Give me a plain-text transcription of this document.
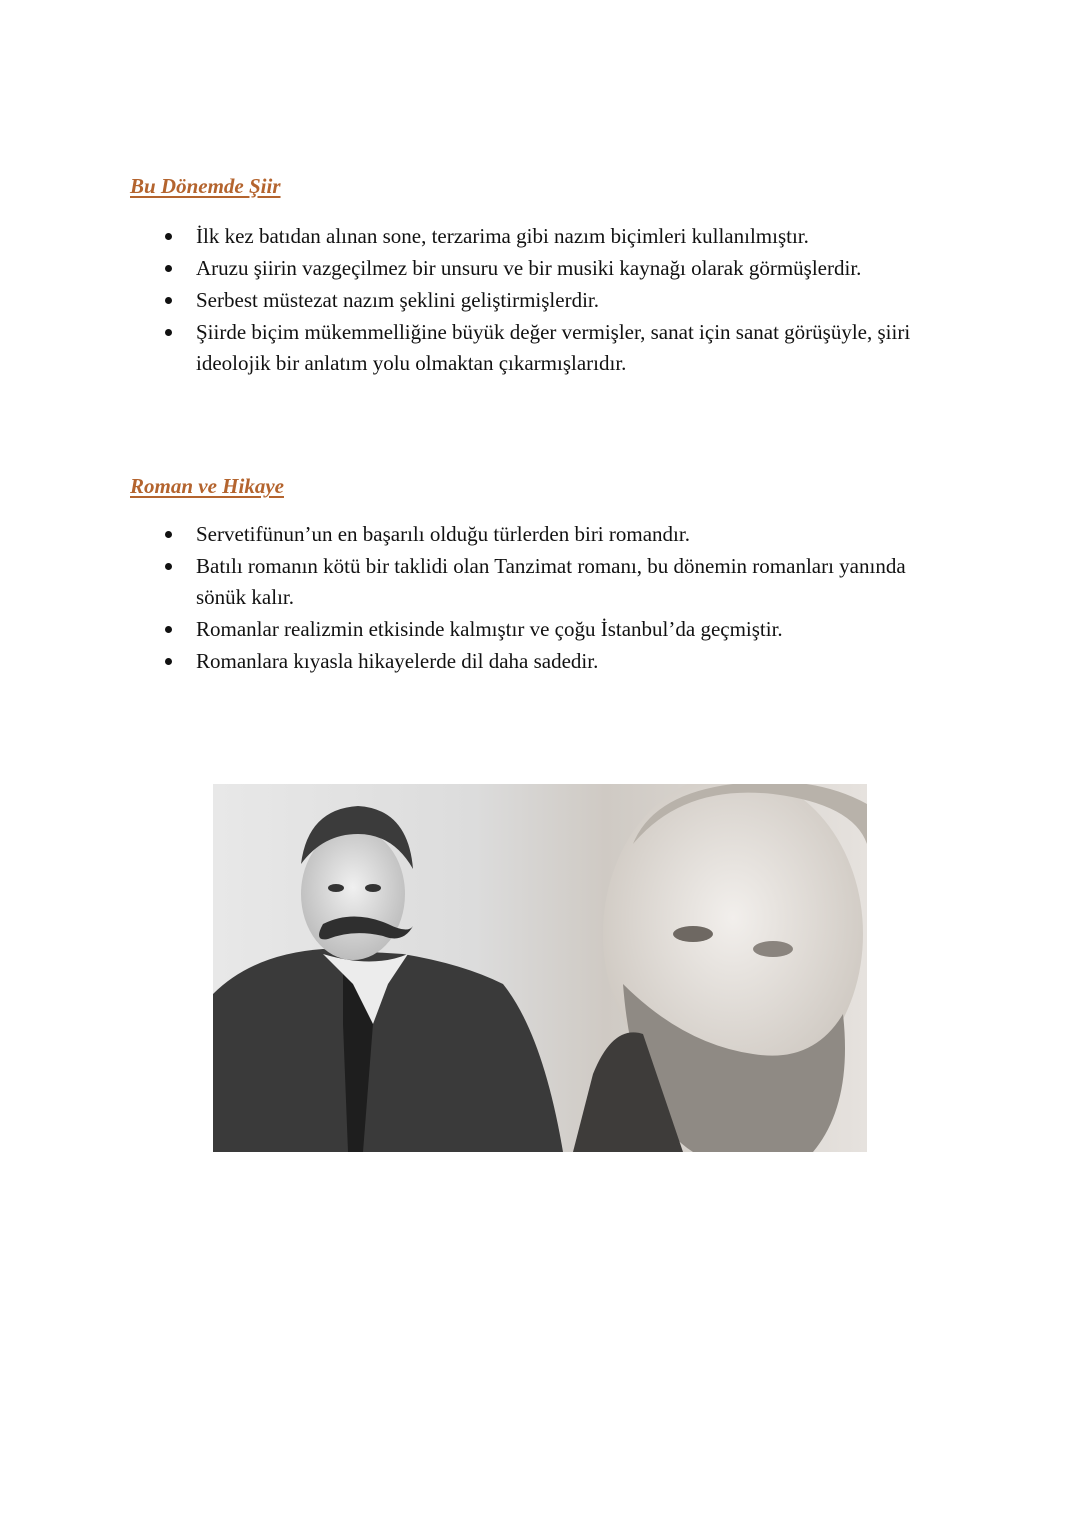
Bu Dönemde Şiir
İlk kez batıdan alınan sone, terzarima gibi nazım biçimleri kullanılmıştır.
Aruzu şiirin vazgeçilmez bir unsuru ve bir musiki kaynağı olarak görmüşlerdir.
Serbest müstezat nazım şeklini geliştirmişlerdir.
Şiirde biçim mükemmelliğine büyük değer vermişler, sanat için sanat görüşüyle, şiiri ideolojik bir anlatım yolu olmaktan çıkarmışlarıdır.
Roman ve Hikaye
Servetifünun’un en başarılı olduğu türlerden biri romandır.
Batılı romanın kötü bir taklidi olan Tanzimat romanı, bu dönemin romanları yanında sönük kalır.
Romanlar realizmin etkisinde kalmıştır ve çoğu İstanbul’da geçmiştir.
Romanlara kıyasla hikayelerde dil daha sadedir.
